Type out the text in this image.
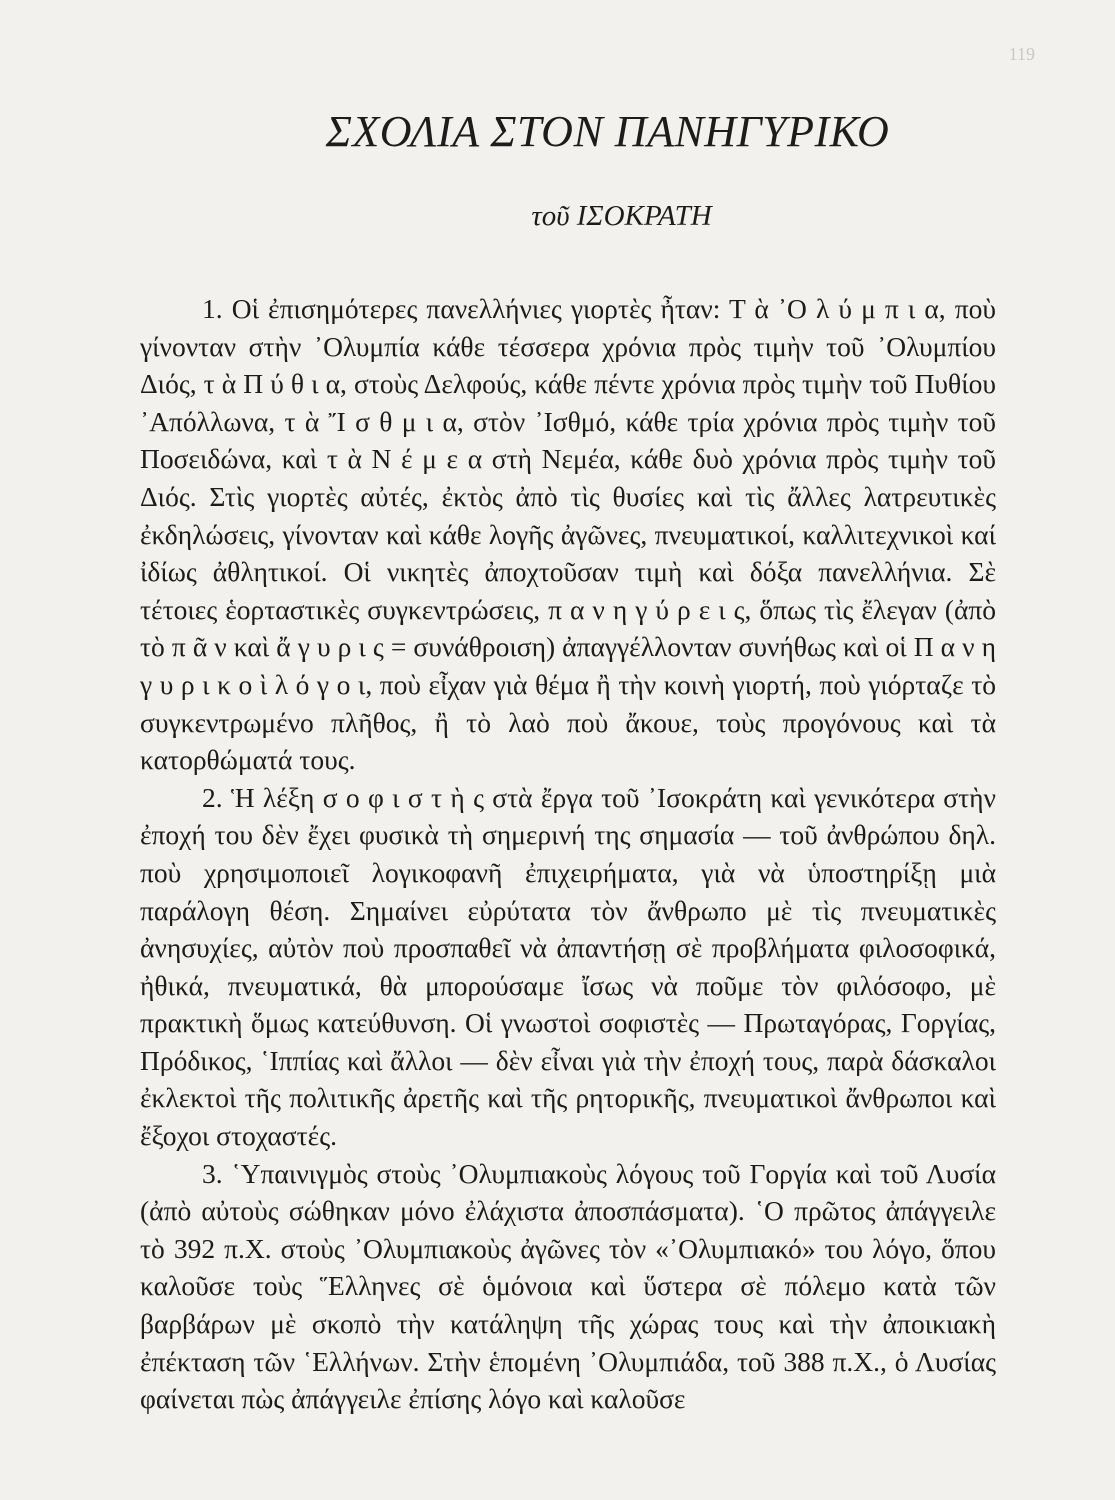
119
ΣΧΟΛΙΑ ΣΤΟΝ ΠΑΝΗΓΥΡΙΚΟ
τοῦ ΙΣΟΚΡΑΤΗ

1. Οἱ ἐπισημότερες πανελλήνιες γιορτὲς ἦταν: Τ ὰ ᾿Ο λ ύ μ π ι α, ποὺ γίνονταν στὴν ᾿Ολυμπία κάθε τέσσερα χρόνια πρὸς τιμὴν τοῦ ᾿Ολυμπίου Διός, τ ὰ Π ύ θ ι α, στοὺς Δελφούς, κάθε πέντε χρόνια πρὸς τιμὴν τοῦ Πυθίου ᾿Απόλλωνα, τ ὰ Ἴ σ θ μ ι α, στὸν ᾿Ισθμό, κάθε τρία χρόνια πρὸς τιμὴν τοῦ Ποσειδώνα, καὶ τ ὰ Ν έ μ ε α στὴ Νεμέα, κάθε δυὸ χρόνια πρὸς τιμὴν τοῦ Διός. Στὶς γιορτὲς αὐτές, ἐκτὸς ἀπὸ τὶς θυσίες καὶ τὶς ἄλλες λατρευτικὲς ἐκδηλώσεις, γίνονταν καὶ κάθε λογῆς ἀγῶνες, πνευματικοί, καλλιτεχνικοὶ καί ἰδίως ἀθλητικοί. Οἱ νικητὲς ἀποχτοῦσαν τιμὴ καὶ δόξα πανελλήνια. Σὲ τέτοιες ἑορταστικὲς συγκεντρώσεις, π α ν η γ ύ ρ ε ι ς, ὅπως τὶς ἔλεγαν (ἀπὸ τὸ π ᾶ ν καὶ ἄ γ υ ρ ι ς = συνάθροιση) ἀπαγγέλλονταν συνήθως καὶ οἱ Π α ν η γ υ ρ ι κ ο ὶ λ ό γ ο ι, ποὺ εἶχαν γιὰ θέμα ἢ τὴν κοινὴ γιορτή, ποὺ γιόρταζε τὸ συγκεντρωμένο πλῆθος, ἢ τὸ λαὸ ποὺ ἄκουε, τοὺς προγόνους καὶ τὰ κατορθώματά τους.

2. Ἡ λέξη σ ο φ ι σ τ ὴ ς στὰ ἔργα τοῦ ᾿Ισοκράτη καὶ γενικότερα στὴν ἐποχή του δὲν ἔχει φυσικὰ τὴ σημερινή της σημασία — τοῦ ἀνθρώπου δηλ. ποὺ χρησιμοποιεῖ λογικοφανῆ ἐπιχειρήματα, γιὰ νὰ ὑποστηρίξῃ μιὰ παράλογη θέση. Σημαίνει εὐρύτατα τὸν ἄνθρωπο μὲ τὶς πνευματικὲς ἀνησυχίες, αὐτὸν ποὺ προσπαθεῖ νὰ ἀπαντήσῃ σὲ προβλήματα φιλοσοφικά, ἠθικά, πνευματικά, θὰ μπορούσαμε ἴσως νὰ ποῦμε τὸν φιλόσοφο, μὲ πρακτικὴ ὅμως κατεύθυνση. Οἱ γνωστοὶ σοφιστὲς — Πρωταγόρας, Γοργίας, Πρόδικος, ῾Ιππίας καὶ ἄλλοι — δὲν εἶναι γιὰ τὴν ἐποχή τους, παρὰ δάσκαλοι ἐκλεκτοὶ τῆς πολιτικῆς ἀρετῆς καὶ τῆς ρητορικῆς, πνευματικοὶ ἄνθρωποι καὶ ἔξοχοι στοχαστές.

3. ῾Υπαινιγμὸς στοὺς ᾿Ολυμπιακοὺς λόγους τοῦ Γοργία καὶ τοῦ Λυσία (ἀπὸ αὐτοὺς σώθηκαν μόνο ἐλάχιστα ἀποσπάσματα). ῾Ο πρῶτος ἀπάγγειλε τὸ 392 π.Χ. στοὺς ᾿Ολυμπιακοὺς ἀγῶνες τὸν «᾿Ολυμπιακό» του λόγο, ὅπου καλοῦσε τοὺς Ἕλληνες σὲ ὁμόνοια καὶ ὕστερα σὲ πόλεμο κατὰ τῶν βαρβάρων μὲ σκοπὸ τὴν κατάληψη τῆς χώρας τους καὶ τὴν ἀποικιακὴ ἐπέκταση τῶν ῾Ελλήνων. Στὴν ἑπομένη ᾿Ολυμπιάδα, τοῦ 388 π.Χ., ὁ Λυσίας φαίνεται πὼς ἀπάγγειλε ἐπίσης λόγο καὶ καλοῦσε
